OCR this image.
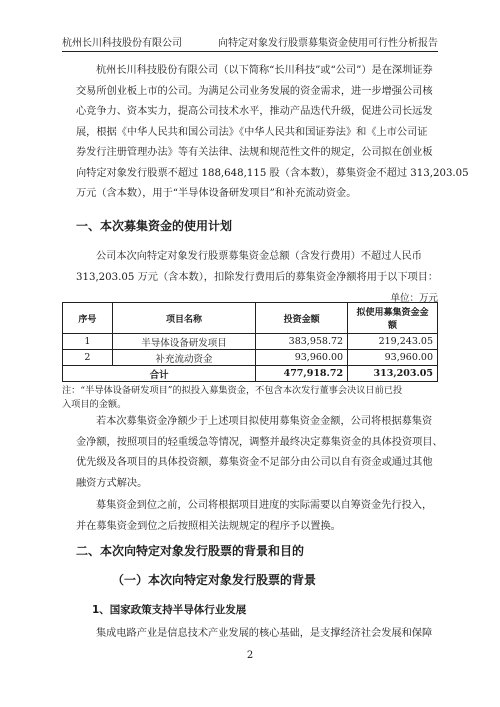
杭州长川科技股份有限公司	向特定对象发行股票募集资金使用可行性分析报告
杭州长川科技股份有限公司（以下简称“长川科技”或“公司”）是在深圳证券
交易所创业板上市的公司。为满足公司业务发展的资金需求，进一步增强公司核
心竞争力、资本实力，提高公司技术水平，推动产品迭代升级，促进公司长远发
展，根据《中华人民共和国公司法》《中华人民共和国证券法》和《上市公司证
券发行注册管理办法》等有关法律、法规和规范性文件的规定，公司拟在创业板
向特定对象发行股票不超过 188,648,115 股（含本数），募集资金不超过 313,203.05
万元（含本数），用于“半导体设备研发项目”和补充流动资金。
一、本次募集资金的使用计划
公司本次向特定对象发行股票募集资金总额（含发行费用）不超过人民币
313,203.05 万元（含本数），扣除发行费用后的募集资金净额将用于以下项目：
单位：万元
序号	项目名称	投资金额	拟使用募集资金金额
1	半导体设备研发项目	383,958.72	219,243.05
2	补充流动资金	93,960.00	93,960.00
合计		477,918.72	313,203.05
注：“半导体设备研发项目”的拟投入募集资金，不包含本次发行董事会决议日前已投
入项目的金额。
若本次募集资金净额少于上述项目拟使用募集资金金额，公司将根据募集资
金净额，按照项目的轻重缓急等情况，调整并最终决定募集资金的具体投资项目、
优先级及各项目的具体投资额，募集资金不足部分由公司以自有资金或通过其他
融资方式解决。
募集资金到位之前，公司将根据项目进度的实际需要以自筹资金先行投入，
并在募集资金到位之后按照相关法规规定的程序予以置换。
二、本次向特定对象发行股票的背景和目的
（一）本次向特定对象发行股票的背景
1、国家政策支持半导体行业发展
集成电路产业是信息技术产业发展的核心基础，是支撑经济社会发展和保障
2
